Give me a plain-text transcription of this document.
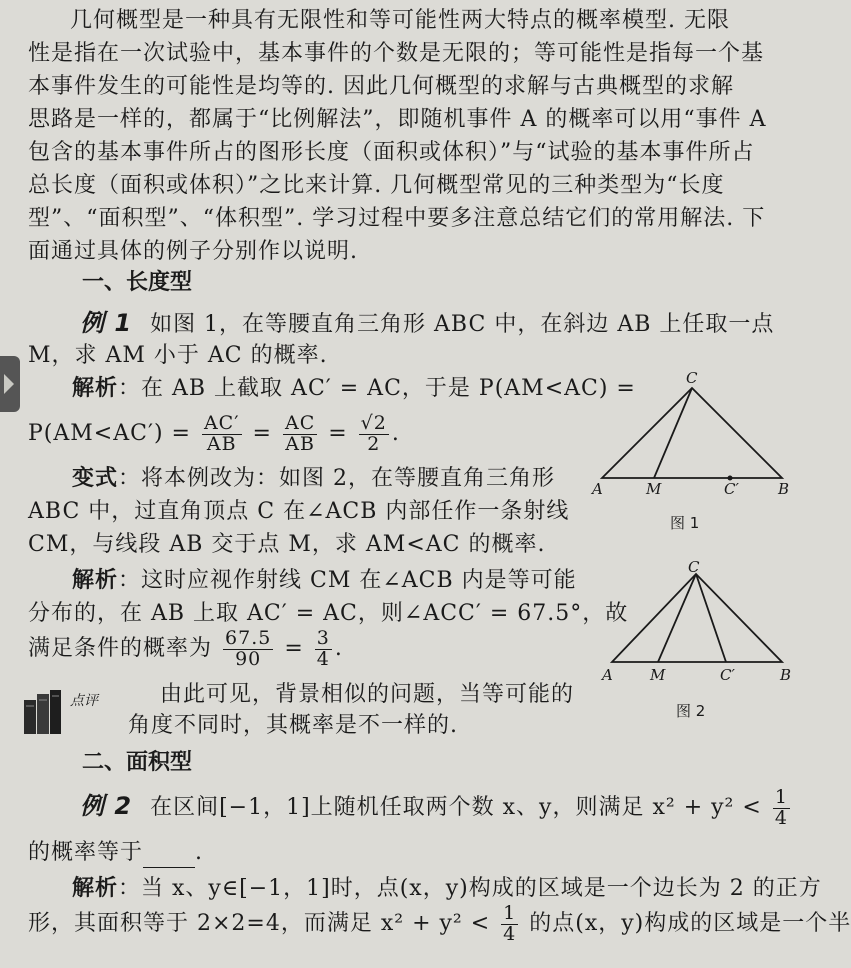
几何概型是一种具有无限性和等可能性两大特点的概率模型. 无限
性是指在一次试验中，基本事件的个数是无限的；等可能性是指每一个基
本事件发生的可能性是均等的. 因此几何概型的求解与古典概型的求解
思路是一样的，都属于“比例解法”，即随机事件 A 的概率可以用“事件 A
包含的基本事件所占的图形长度（面积或体积）”与“试验的基本事件所占
总长度（面积或体积）”之比来计算. 几何概型常见的三种类型为“长度
型”、“面积型”、“体积型”. 学习过程中要多注意总结它们的常用解法. 下
面通过具体的例子分别作以说明.
一、长度型
例 1 如图 1，在等腰直角三角形 ABC 中，在斜边 AB 上任取一点
M，求 AM 小于 AC 的概率.
解析：在 AB 上截取 AC′ = AC，于是 P(AM<AC) =
$P(AM<AC') = \frac{AC'}{AB} = \frac{AC}{AB} = \frac{√2}{2}$ .
变式：将本例改为：如图 2，在等腰直角三角形
ABC 中，过直角顶点 C 在∠ACB 内部任作一条射线
CM，与线段 AB 交于点 M，求 AM<AC 的概率.
解析：这时应视作射线 CM 在∠ACB 内是等可能
分布的，在 AB 上取 AC′ = AC，则∠ACC′ = 67.5°，故
满足条件的概率为 $\frac{67.5}{90} = \frac{3}{4}$ .
点评	由此可见，背景相似的问题，当等可能的
角度不同时，其概率是不一样的.
二、面积型
例 2 在区间[−1，1]上随机任取两个数 x、y，则满足 $x^2 + y^2 < \frac{1}{4}$
的概率等于 .
解析：当 x、y∈[−1，1]时，点(x，y)构成的区域是一个边长为 2 的正方
形，其面积等于 2×2=4，而满足 $x^2 + y^2 < \frac{1}{4}$ 的点(x，y)构成的区域是一个半
A	M
C
C′	B
图 1
A M
C
C′	B
图 2
